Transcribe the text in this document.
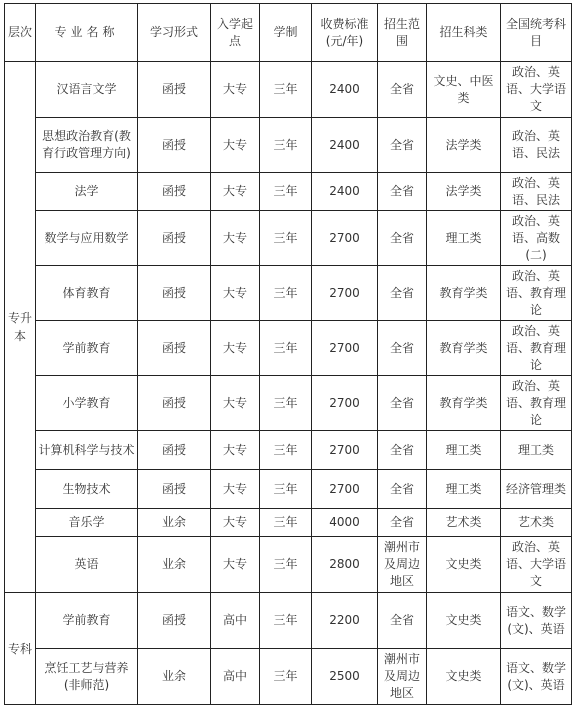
层次	专业名称	学习形式	入学起点	学制	收费标准(元/年)	招生范围	招生科类	全国统考科目
专升本	汉语言文学	函授	大专	三年	2400	全省	文史、中医类	政治、英语、大学语文
	思想政治教育(教育行政管理方向)	函授	大专	三年	2400	全省	法学类	政治、英语、民法
	法学	函授	大专	三年	2400	全省	法学类	政治、英语、民法
	数学与应用数学	函授	大专	三年	2700	全省	理工类	政治、英语、高数(二)
	体育教育	函授	大专	三年	2700	全省	教育学类	政治、英语、教育理论
	学前教育	函授	大专	三年	2700	全省	教育学类	政治、英语、教育理论
	小学教育	函授	大专	三年	2700	全省	教育学类	政治、英语、教育理论
	计算机科学与技术	函授	大专	三年	2700	全省	理工类	理工类
	生物技术	函授	大专	三年	2700	全省	理工类	经济管理类
	音乐学	业余	大专	三年	4000	全省	艺术类	艺术类
	英语	业余	大专	三年	2800	潮州市及周边地区	文史类	政治、英语、大学语文
专科	学前教育	函授	高中	三年	2200	全省	文史类	语文、数学(文)、英语
	烹饪工艺与营养(非师范)	业余	高中	三年	2500	潮州市及周边地区	文史类	语文、数学(文)、英语
